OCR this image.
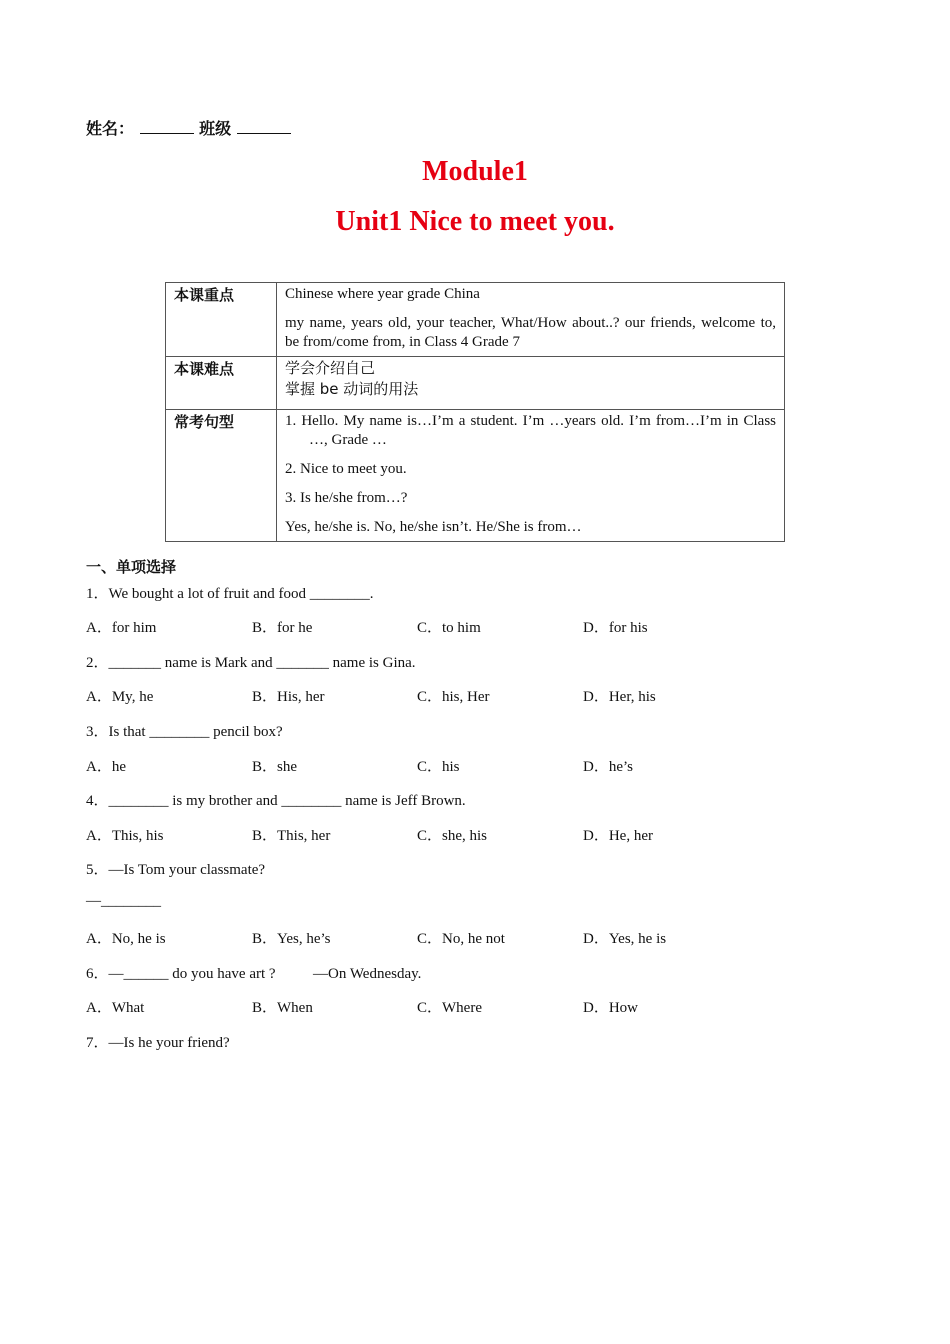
姓名：	班级
Module1
Unit1 Nice to meet you.
本课重点	Chinese where year grade China

my name, years old, your teacher, What/How about..? our friends, welcome to, be from/come from, in Class 4 Grade 7

本课难点	学会介绍自己

掌握 be 动词的用法

常考句型	1. Hello. My name is…I’m a student. I’m …years old. I’m from…I’m in Class …, Grade …

2. Nice to meet you.

3. Is he/she from…?

Yes, he/she is. No, he/she isn’t. He/She is from…

一、单项选择
1．We bought a lot of fruit and food ________.
A．for him	B．for he	C．to him	D．for his
2．_______ name is Mark and _______ name is Gina.
A．My, he	B．His, her	C．his, Her	D．Her, his
3．Is that ________ pencil box?
A．he	B．she	C．his	D．he’s
4．________ is my brother and ________ name is Jeff Brown.
A．This, his	B．This, her	C．she, his	D．He, her
5．—Is Tom your classmate?
—________
A．No, he is	B．Yes, he’s	C．No, he not	D．Yes, he is
6．—______ do you have art ?          —On Wednesday.
A．What	B．When	C．Where	D．How
7．—Is he your friend?
